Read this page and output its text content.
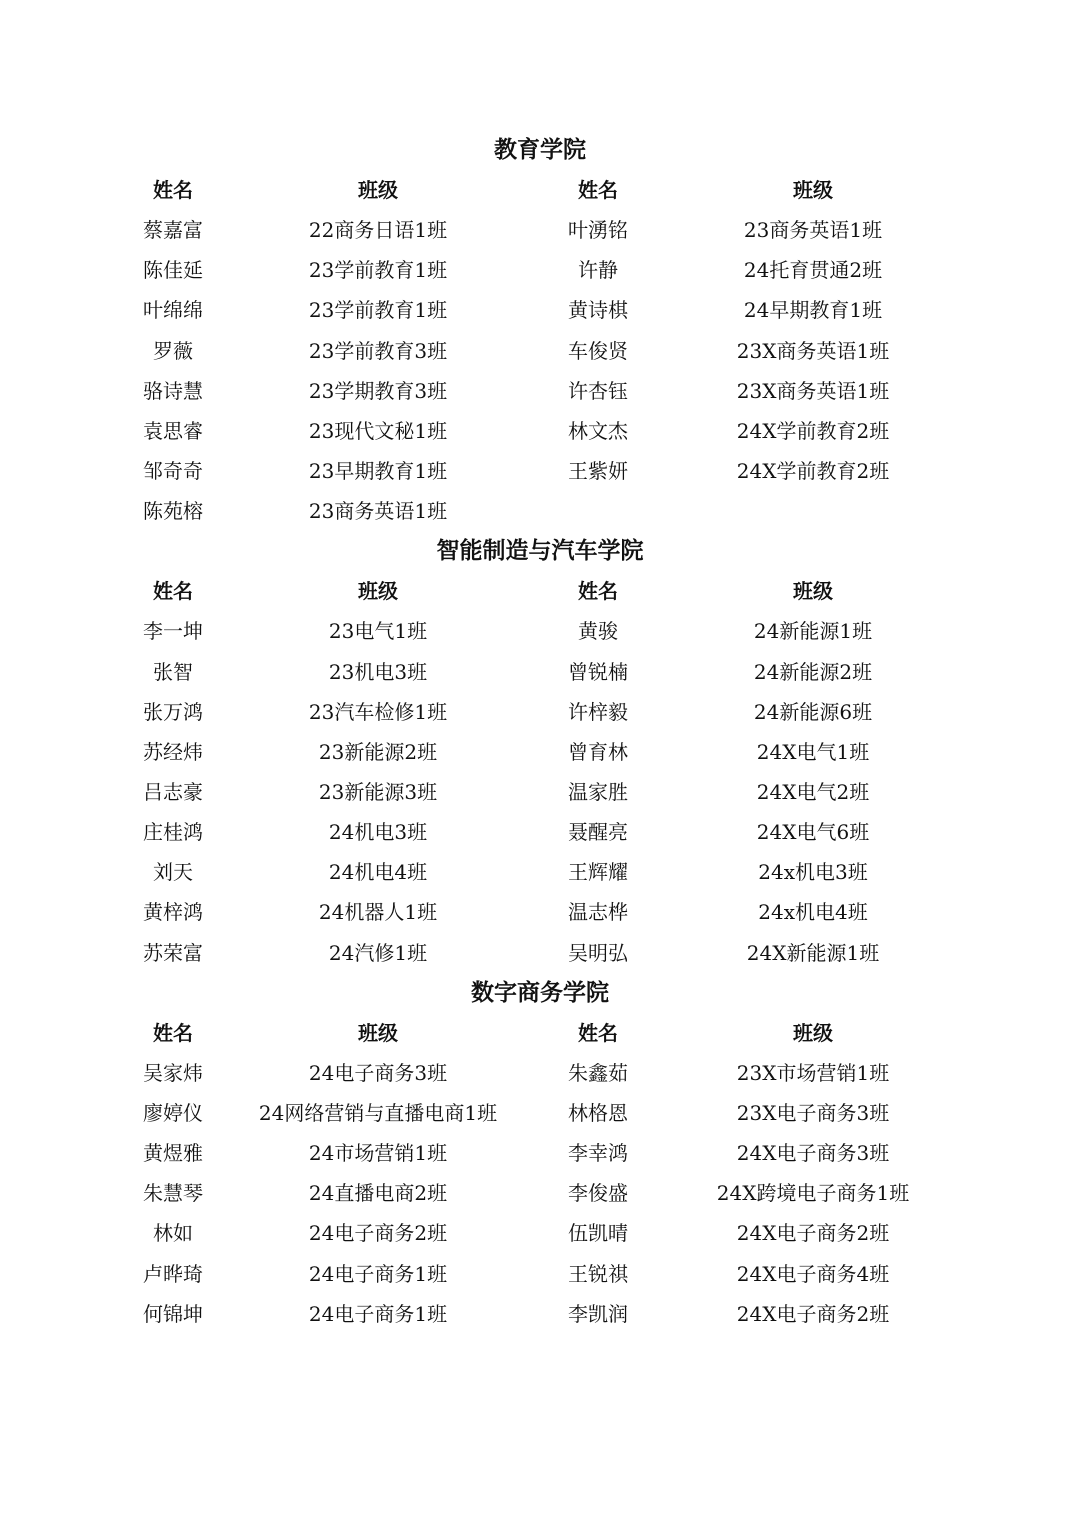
教育学院
姓名	班级	姓名	班级
蔡嘉富	22商务日语1班	叶湧铭	23商务英语1班
陈佳延	23学前教育1班	许静	24托育贯通2班
叶绵绵	23学前教育1班	黄诗棋	24早期教育1班
罗薇	23学前教育3班	车俊贤	23X商务英语1班
骆诗慧	23学期教育3班	许杏钰	23X商务英语1班
袁思睿	23现代文秘1班	林文杰	24X学前教育2班
邹奇奇	23早期教育1班	王紫妍	24X学前教育2班
陈苑榕	23商务英语1班
智能制造与汽车学院
姓名	班级	姓名	班级
李一坤	23电气1班	黄骏	24新能源1班
张智	23机电3班	曾锐楠	24新能源2班
张万鸿	23汽车检修1班	许梓毅	24新能源6班
苏经炜	23新能源2班	曾育林	24X电气1班
吕志豪	23新能源3班	温家胜	24X电气2班
庄桂鸿	24机电3班	聂醒亮	24X电气6班
刘天	24机电4班	王辉耀	24x机电3班
黄梓鸿	24机器人1班	温志桦	24x机电4班
苏荣富	24汽修1班	吴明弘	24X新能源1班
数字商务学院
姓名	班级	姓名	班级
吴家炜	24电子商务3班	朱鑫茹	23X市场营销1班
廖婷仪	24网络营销与直播电商1班	林格恩	23X电子商务3班
黄煜雅	24市场营销1班	李幸鸿	24X电子商务3班
朱慧琴	24直播电商2班	李俊盛	24X跨境电子商务1班
林如	24电子商务2班	伍凯晴	24X电子商务2班
卢晔琦	24电子商务1班	王锐祺	24X电子商务4班
何锦坤	24电子商务1班	李凯润	24X电子商务2班
